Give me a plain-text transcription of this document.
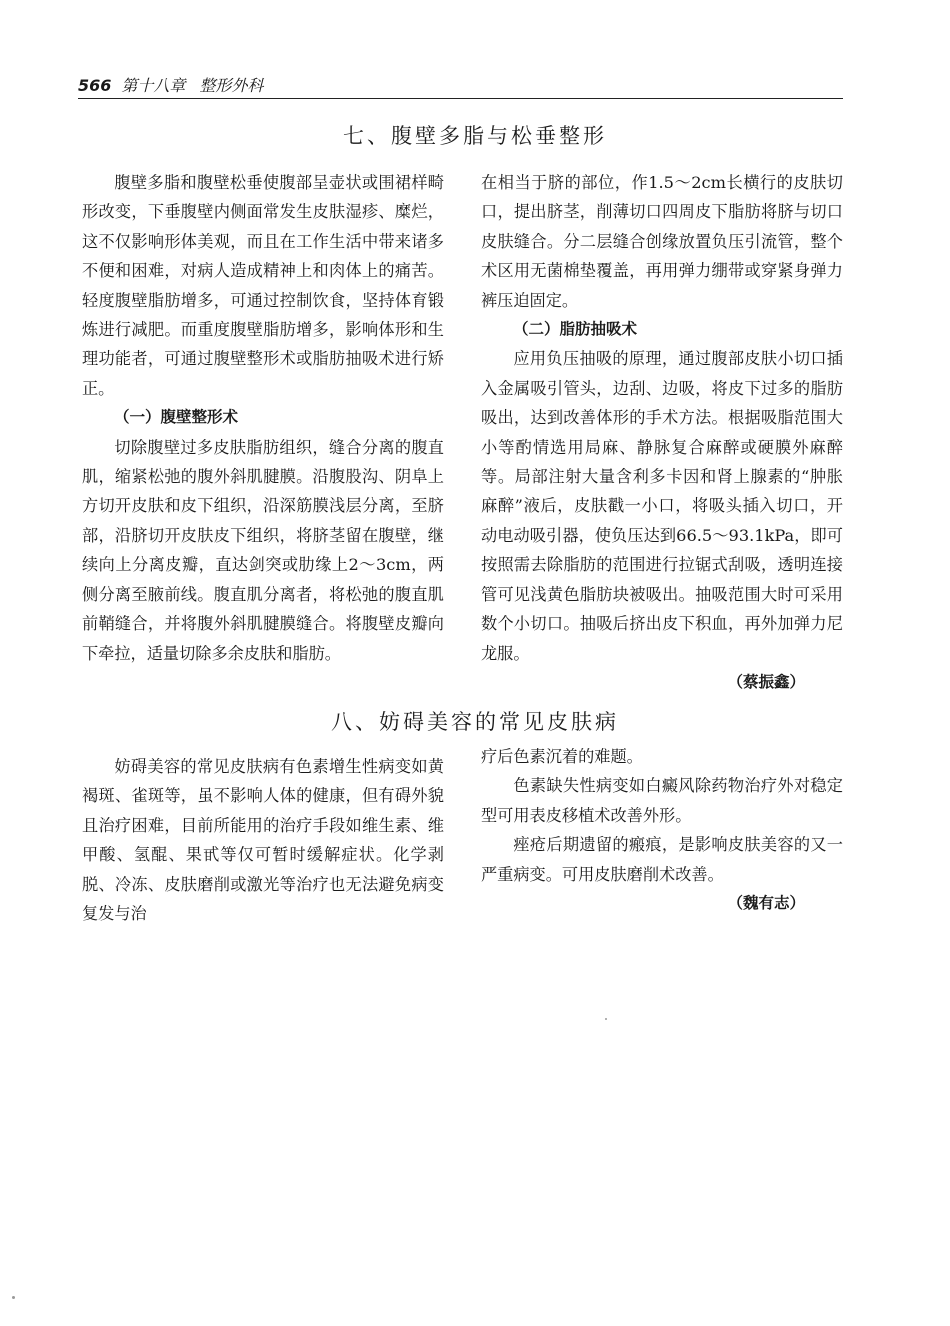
566 第十八章 整形外科
七、腹壁多脂与松垂整形

腹壁多脂和腹壁松垂使腹部呈壶状或围裙样畸形改变，下垂腹壁内侧面常发生皮肤湿疹、糜烂，这不仅影响形体美观，而且在工作生活中带来诸多不便和困难，对病人造成精神上和肉体上的痛苦。轻度腹壁脂肪增多，可通过控制饮食，坚持体育锻炼进行减肥。而重度腹壁脂肪增多，影响体形和生理功能者，可通过腹壁整形术或脂肪抽吸术进行矫正。

（一）腹壁整形术

切除腹壁过多皮肤脂肪组织，缝合分离的腹直肌，缩紧松弛的腹外斜肌腱膜。沿腹股沟、阴阜上方切开皮肤和皮下组织，沿深筋膜浅层分离，至脐部，沿脐切开皮肤皮下组织，将脐茎留在腹壁，继续向上分离皮瓣，直达剑突或肋缘上2～3cm，两侧分离至腋前线。腹直肌分离者，将松弛的腹直肌前鞘缝合，并将腹外斜肌腱膜缝合。将腹壁皮瓣向下牵拉，适量切除多余皮肤和脂肪。

在相当于脐的部位，作1.5～2cm长横行的皮肤切口，提出脐茎，削薄切口四周皮下脂肪将脐与切口皮肤缝合。分二层缝合创缘放置负压引流管，整个术区用无菌棉垫覆盖，再用弹力绷带或穿紧身弹力裤压迫固定。

（二）脂肪抽吸术

应用负压抽吸的原理，通过腹部皮肤小切口插入金属吸引管头，边刮、边吸，将皮下过多的脂肪吸出，达到改善体形的手术方法。根据吸脂范围大小等酌情选用局麻、静脉复合麻醉或硬膜外麻醉等。局部注射大量含利多卡因和肾上腺素的“肿胀麻醉”液后，皮肤戳一小口，将吸头插入切口，开动电动吸引器，使负压达到66.5～93.1kPa，即可按照需去除脂肪的范围进行拉锯式刮吸，透明连接管可见浅黄色脂肪块被吸出。抽吸范围大时可采用数个小切口。抽吸后挤出皮下积血，再外加弹力尼龙服。

（蔡振鑫）
八、妨碍美容的常见皮肤病

妨碍美容的常见皮肤病有色素增生性病变如黄褐斑、雀斑等，虽不影响人体的健康，但有碍外貌且治疗困难，目前所能用的治疗手段如维生素、维甲酸、氢醌、果甙等仅可暂时缓解症状。化学剥脱、冷冻、皮肤磨削或激光等治疗也无法避免病变复发与治

疗后色素沉着的难题。

色素缺失性病变如白癜风除药物治疗外对稳定型可用表皮移植术改善外形。

痤疮后期遗留的瘢痕，是影响皮肤美容的又一严重病变。可用皮肤磨削术改善。

（魏有志）
